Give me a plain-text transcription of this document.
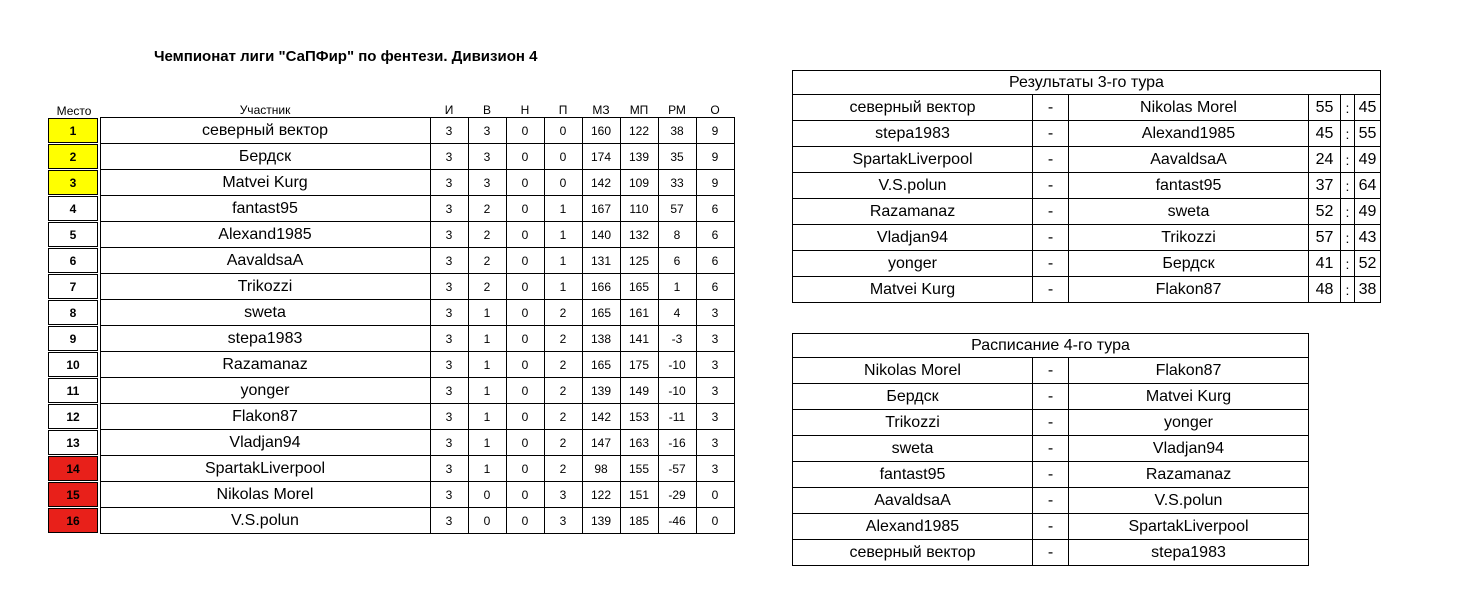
Чемпионат лиги "СаПФир" по фентези. Дивизион 4
Место	Участник	И	В	Н	П	МЗ	МП	РМ	О

1	северный вектор	3	3	0	0	160	122	38	9

2	Бердск	3	3	0	0	174	139	35	9

3	Matvei Kurg	3	3	0	0	142	109	33	9

4	fantast95	3	2	0	1	167	110	57	6

5	Alexand1985	3	2	0	1	140	132	8	6

6	AavaldsaA	3	2	0	1	131	125	6	6

7	Trikozzi	3	2	0	1	166	165	1	6

8	sweta	3	1	0	2	165	161	4	3

9	stepa1983	3	1	0	2	138	141	-3	3

10	Razamanaz	3	1	0	2	165	175	-10	3

11	yonger	3	1	0	2	139	149	-10	3

12	Flakon87	3	1	0	2	142	153	-11	3

13	Vladjan94	3	1	0	2	147	163	-16	3

14	SpartakLiverpool	3	1	0	2	98	155	-57	3

15	Nikolas Morel	3	0	0	3	122	151	-29	0

16	V.S.polun	3	0	0	3	139	185	-46	0
Результаты 3-го тура					
северный вектор	-	Nikolas Morel	55	:	45
stepa1983	-	Alexand1985	45	:	55
SpartakLiverpool	-	AavaldsaA	24	:	49
V.S.polun	-	fantast95	37	:	64
Razamanaz	-	sweta	52	:	49
Vladjan94	-	Trikozzi	57	:	43
yonger	-	Бердск	41	:	52
Matvei Kurg	-	Flakon87	48	:	38
Расписание 4-го тура		
Nikolas Morel	-	Flakon87
Бердск	-	Matvei Kurg
Trikozzi	-	yonger
sweta	-	Vladjan94
fantast95	-	Razamanaz
AavaldsaA	-	V.S.polun
Alexand1985	-	SpartakLiverpool
северный вектор	-	stepa1983
